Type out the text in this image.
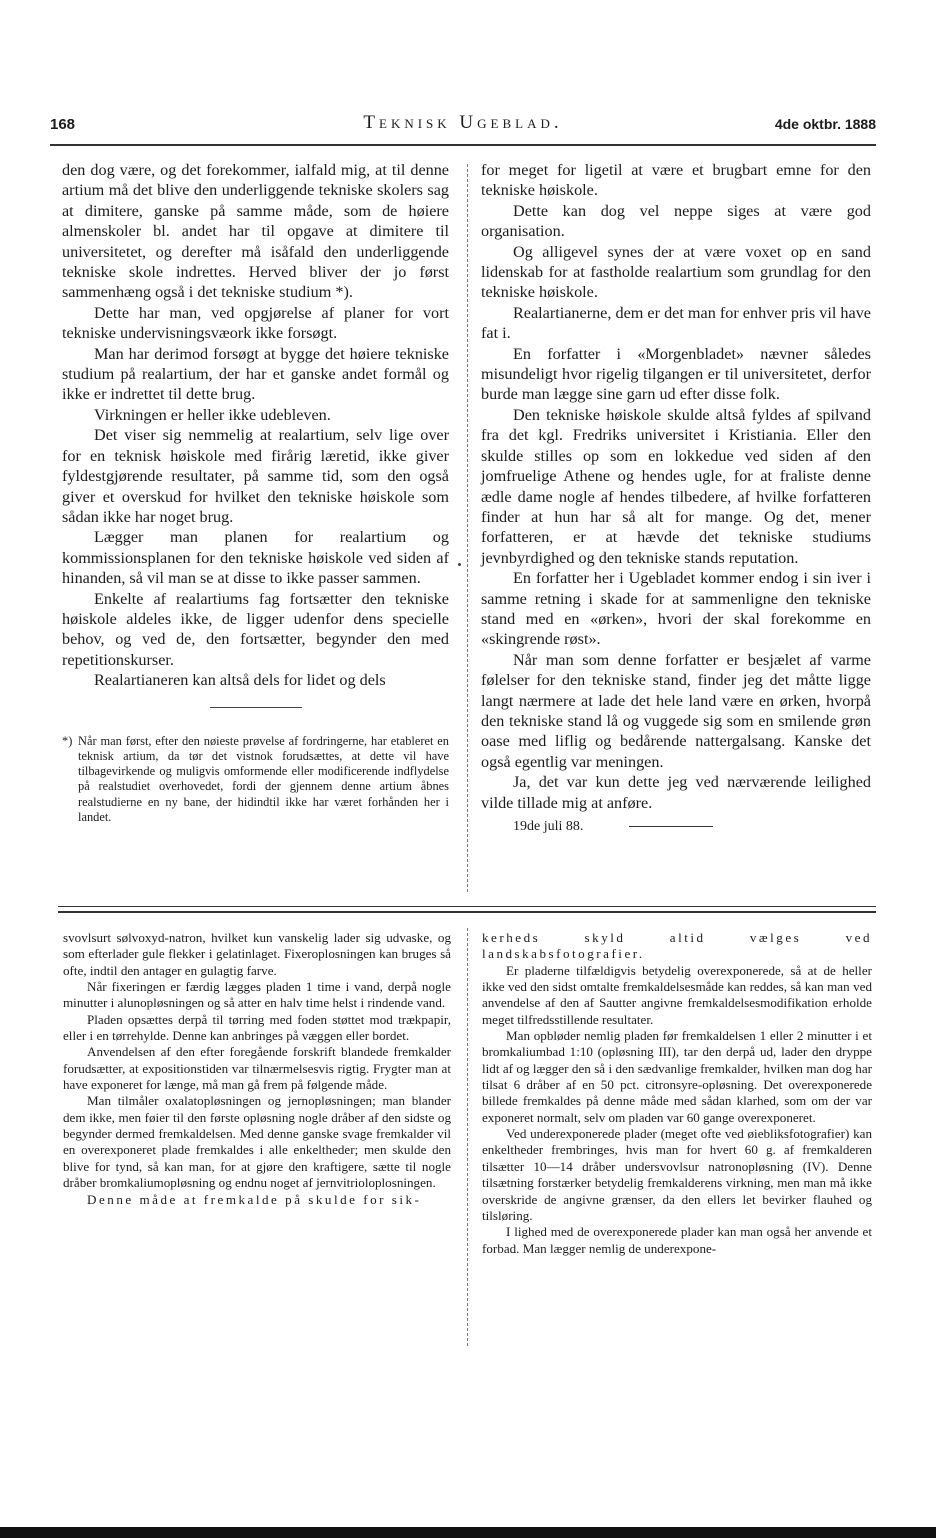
168	Teknisk Ugeblad.	4de oktbr. 1888

den dog være, og det forekommer, ialfald mig, at til denne artium må det blive den underliggende tekniske skolers sag at dimitere, ganske på samme måde, som de høiere almenskoler bl. andet har til opgave at dimitere til universitetet, og derefter må isåfald den underliggende tekniske skole indrettes. Herved bliver der jo først sammenhæng også i det tekniske studium *).

Dette har man, ved opgjørelse af planer for vort tekniske undervisningsvæork ikke forsøgt.

Man har derimod forsøgt at bygge det høiere tekniske studium på realartium, der har et ganske andet formål og ikke er indrettet til dette brug.

Virkningen er heller ikke udebleven.

Det viser sig nemmelig at realartium, selv lige over for en teknisk høiskole med firårig læretid, ikke giver fyldestgjørende resultater, på samme tid, som den også giver et overskud for hvilket den tekniske høiskole som sådan ikke har noget brug.

Lægger man planen for realartium og kommissionsplanen for den tekniske høiskole ved siden af hinanden, så vil man se at disse to ikke passer sammen.

Enkelte af realartiums fag fortsætter den tekniske høiskole aldeles ikke, de ligger udenfor dens specielle behov, og ved de, den fortsætter, begynder den med repetitionskurser.

Realartianeren kan altså dels for lidet og dels

*) Når man først, efter den nøieste prøvelse af fordringerne, har etableret en teknisk artium, da tør det vistnok forudsættes, at dette vil have tilbagevirkende og muligvis omformende eller modificerende indflydelse på realstudiet overhovedet, fordi der gjennem denne artium åbnes realstudierne en ny bane, der hidindtil ikke har været forhånden her i landet.

for meget for ligetil at være et brugbart emne for den tekniske høiskole.

Dette kan dog vel neppe siges at være god organisation.

Og alligevel synes der at være voxet op en sand lidenskab for at fastholde realartium som grundlag for den tekniske høiskole.

Realartianerne, dem er det man for enhver pris vil have fat i.

En forfatter i «Morgenbladet» nævner således misundeligt hvor rigelig tilgangen er til universitetet, derfor burde man lægge sine garn ud efter disse folk.

Den tekniske høiskole skulde altså fyldes af spilvand fra det kgl. Fredriks universitet i Kristiania. Eller den skulde stilles op som en lokkedue ved siden af den jomfruelige Athene og hendes ugle, for at fraliste denne ædle dame nogle af hendes tilbedere, af hvilke forfatteren finder at hun har så alt for mange. Og det, mener forfatteren, er at hævde det tekniske studiums jevnbyrdighed og den tekniske stands reputation.

En forfatter her i Ugebladet kommer endog i sin iver i samme retning i skade for at sammenligne den tekniske stand med en «ørken», hvori der skal forekomme en «skingrende røst».

Når man som denne forfatter er besjælet af varme følelser for den tekniske stand, finder jeg det måtte ligge langt nærmere at lade det hele land være en ørken, hvorpå den tekniske stand lå og vuggede sig som en smilende grøn oase med liflig og bedårende nattergalsang. Kanske det også egentlig var meningen.

Ja, det var kun dette jeg ved nærværende leilighed vilde tillade mig at anføre.

19de juli 88.

svovlsurt sølvoxyd-natron, hvilket kun vanskelig lader sig udvaske, og som efterlader gule flekker i gelatinlaget. Fixeroplosningen kan bruges så ofte, indtil den antager en gulagtig farve.

Når fixeringen er færdig lægges pladen 1 time i vand, derpå nogle minutter i alunopløsningen og så atter en halv time helst i rindende vand.

Pladen opsættes derpå til tørring med foden støttet mod trækpapir, eller i en tørrehylde. Denne kan anbringes på væggen eller bordet.

Anvendelsen af den efter foregående forskrift blandede fremkalder forudsætter, at expositionstiden var tilnærmelsesvis rigtig. Frygter man at have exponeret for længe, må man gå frem på følgende måde.

Man tilmåler oxalatopløsningen og jernopløsningen; man blander dem ikke, men føier til den første opløsning nogle dråber af den sidste og begynder dermed fremkaldelsen. Med denne ganske svage fremkalder vil en overexponeret plade fremkaldes i alle enkeltheder; men skulde den blive for tynd, så kan man, for at gjøre den kraftigere, sætte til nogle dråber bromkaliumopløsning og endnu noget af jernvitrioloplosningen.

Denne måde at fremkalde på skulde for sik-

kerheds skyld altid vælges ved landskabsfotografier.

Er pladerne tilfældigvis betydelig overexponerede, så at de heller ikke ved den sidst omtalte fremkaldelsesmåde kan reddes, så kan man ved anvendelse af den af Sautter angivne fremkaldelsesmodifikation erholde meget tilfredsstillende resultater.

Man opbløder nemlig pladen før fremkaldelsen 1 eller 2 minutter i et bromkaliumbad 1:10 (opløsning III), tar den derpå ud, lader den dryppe lidt af og lægger den så i den sædvanlige fremkalder, hvilken man dog har tilsat 6 dråber af en 50 pct. citronsyre-opløsning. Det overexponerede billede fremkaldes på denne måde med sådan klarhed, som om der var exponeret normalt, selv om pladen var 60 gange overexponeret.

Ved underexponerede plader (meget ofte ved øiebliksfotografier) kan enkeltheder frembringes, hvis man for hvert 60 g. af fremkalderen tilsætter 10—14 dråber undersvovlsur natronopløsning (IV). Denne tilsætning forstærker betydelig fremkalderens virkning, men man må ikke overskride de angivne grænser, da den ellers let bevirker flauhed og tilsløring.

I lighed med de overexponerede plader kan man også her anvende et forbad. Man lægger nemlig de underexpone-
